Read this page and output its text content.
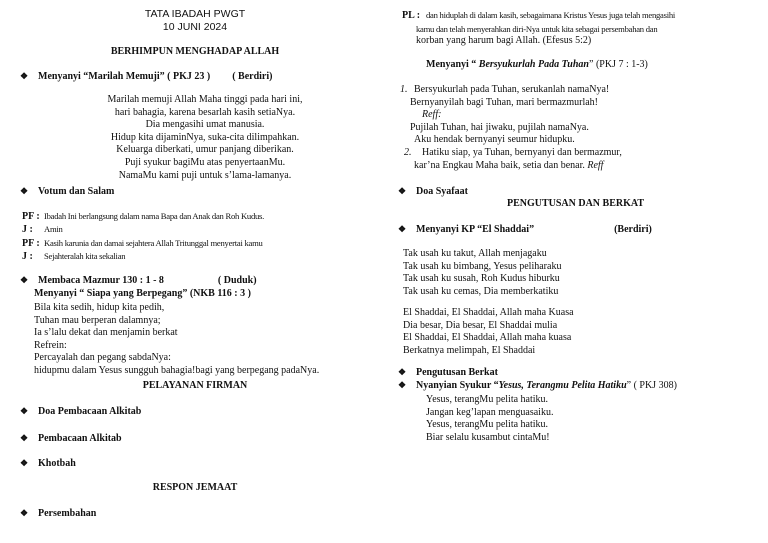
TATA IBADAH PWGT
10 JUNI 2024
BERHIMPUN MENGHADAP ALLAH
❖ Menyanyi “Marilah Memuji” ( PKJ 23 ) ( Berdiri)
Marilah memuji Allah Maha tinggi pada hari ini,
hari bahagia, karena besarlah kasih setiaNya.
Dia mengasihi umat manusia.
Hidup kita dijaminNya, suka-cita dilimpahkan.
Keluarga diberkati, umur panjang diberikan.
Puji syukur bagiMu atas penyertaanMu.
NamaMu kami puji untuk s’lama-lamanya.
❖ Votum dan Salam
PF : Ibadah Ini berlangsung dalam nama Bapa dan Anak dan Roh Kudus.
J : Amin
PF : Kasih karunia dan damai sejahtera Allah Tritunggal menyertai kamu
J : Sejahteralah kita sekalian
❖ Membaca Mazmur 130 : 1 - 8	( Duduk)
Menyanyi “ Siapa yang Berpegang” (NKB 116 : 3 )
Bila kita sedih, hidup kita pedih,
Tuhan mau berperan dalamnya;
Ia s’lalu dekat dan menjamin berkat
Refrein:
Percayalah dan pegang sabdaNya:
hidupmu dalam Yesus sungguh bahagia!bagi yang berpegang padaNya.
PELAYANAN FIRMAN
❖ Doa Pembacaan Alkitab
❖ Pembacaan Alkitab
❖ Khotbah
RESPON JEMAAT
❖ Persembahan
PL : dan hiduplah di dalam kasih, sebagaimana Kristus Yesus juga telah mengasihi
kamu dan telah menyerahkan diri-Nya untuk kita sebagai persembahan dan
korban yang harum bagi Allah. (Efesus 5:2)
Menyanyi “ Bersyukurlah Pada Tuhan” (PKJ 7 : 1-3)
1. Bersyukurlah pada Tuhan, serukanlah namaNya!
Bernyanyilah bagi Tuhan, mari bermazmurlah!
Reff:
Pujilah Tuhan, hai jiwaku, pujilah namaNya.
Aku hendak bernyanyi seumur hidupku.
2. Hatiku siap, ya Tuhan, bernyanyi dan bermazmur,
kar’na Engkau Maha baik, setia dan benar. Reff
❖ Doa Syafaat
PENGUTUSAN DAN BERKAT
❖ Menyanyi KP “El Shaddai”	(Berdiri)
Tak usah ku takut, Allah menjagaku
Tak usah ku bimbang, Yesus peliharaku
Tak usah ku susah, Roh Kudus hiburku
Tak usah ku cemas, Dia memberkatiku
El Shaddai, El Shaddai, Allah maha Kuasa
Dia besar, Dia besar, El Shaddai mulia
El Shaddai, El Shaddai, Allah maha kuasa
Berkatnya melimpah, El Shaddai
❖ Pengutusan Berkat
❖ Nyanyian Syukur “Yesus, Terangmu Pelita Hatiku” ( PKJ 308)
Yesus, terangMu pelita hatiku.
Jangan keg’lapan menguasaiku.
Yesus, terangMu pelita hatiku.
Biar selalu kusambut cintaMu!
